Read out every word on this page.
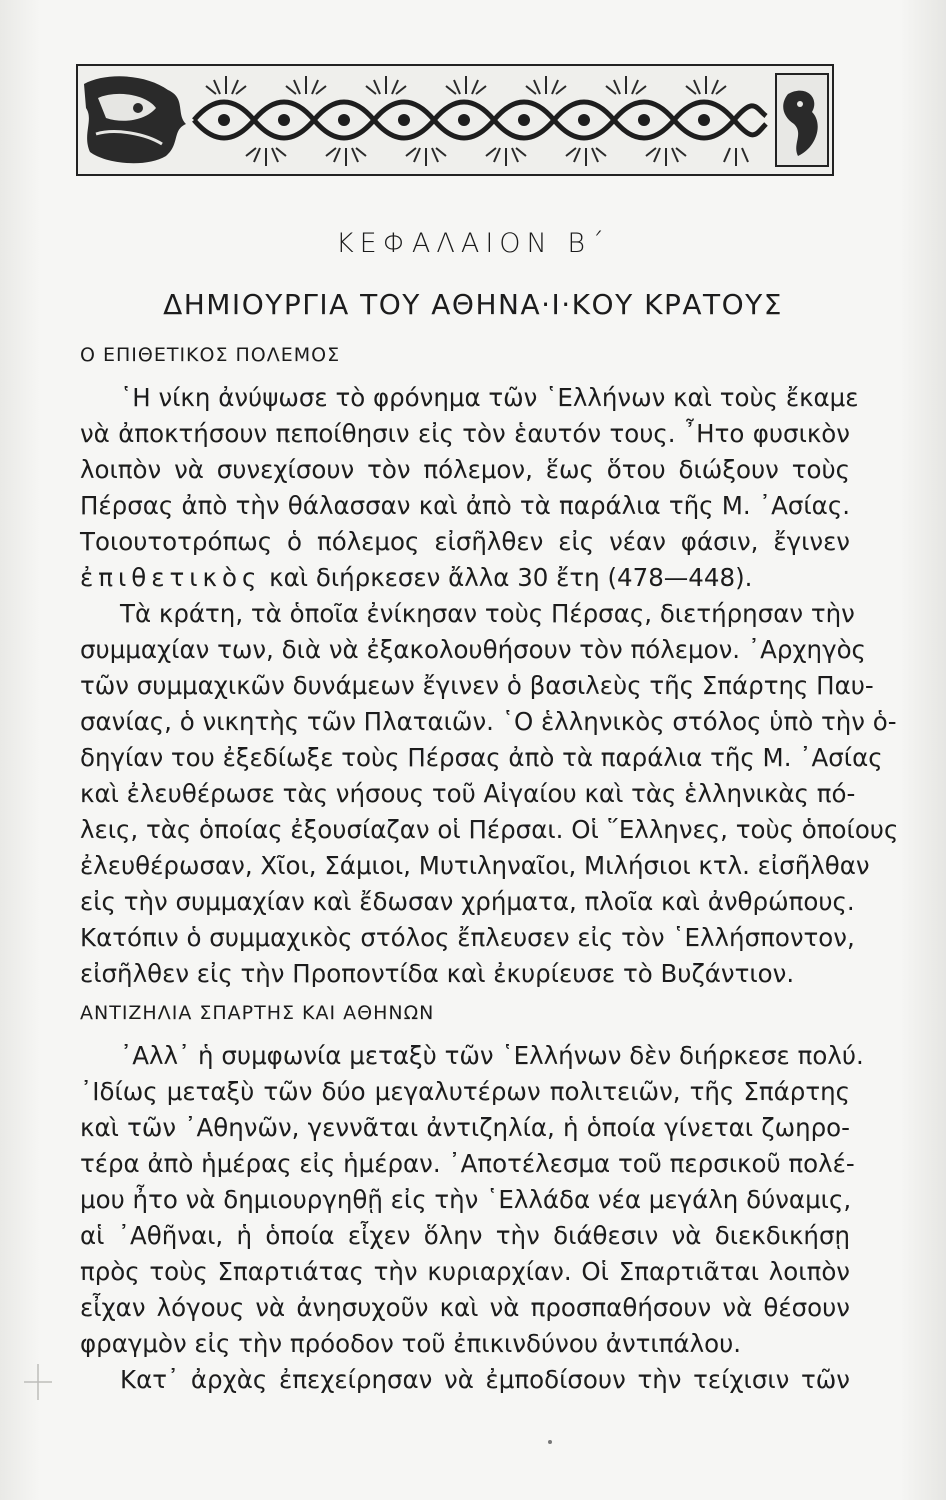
ΚΕΦΑΛΑΙΟΝ Β΄
ΔΗΜΙΟΥΡΓΙΑ ΤΟΥ ΑΘΗΝΑ·Ι·ΚΟΥ ΚΡΑΤΟΥΣ
Ο ΕΠΙΘΕΤΙΚΟΣ ΠΟΛΕΜΟΣ
῾Η νίκη ἀνύψωσε τὸ φρόνημα τῶν ῾Ελλήνων καὶ τοὺς ἔκαμε
νὰ ἀποκτήσουν πεποίθησιν εἰς τὸν ἑαυτόν τους. ῏Ητο φυσικὸν
λοιπὸν νὰ συνεχίσουν τὸν πόλεμον, ἕως ὅτου διώξουν τοὺς
Πέρσας ἀπὸ τὴν θάλασσαν καὶ ἀπὸ τὰ παράλια τῆς Μ. ᾿Ασίας.
Τοιουτοτρόπως ὁ πόλεμος εἰσῆλθεν εἰς νέαν φάσιν, ἔγινεν
ἐπιθετικὸς καὶ διήρκεσεν ἄλλα 30 ἔτη (478—448).
Τὰ κράτη, τὰ ὁποῖα ἐνίκησαν τοὺς Πέρσας, διετήρησαν τὴν
συμμαχίαν των, διὰ νὰ ἐξακολουθήσουν τὸν πόλεμον. ᾿Αρχηγὸς
τῶν συμμαχικῶν δυνάμεων ἔγινεν ὁ βασιλεὺς τῆς Σπάρτης Παυ-
σανίας, ὁ νικητὴς τῶν Πλαταιῶν. ῾Ο ἑλληνικὸς στόλος ὑπὸ τὴν ὁ-
δηγίαν του ἐξεδίωξε τοὺς Πέρσας ἀπὸ τὰ παράλια τῆς Μ. ᾿Ασίας
καὶ ἐλευθέρωσε τὰς νήσους τοῦ Αἰγαίου καὶ τὰς ἑλληνικὰς πό-
λεις, τὰς ὁποίας ἐξουσίαζαν οἱ Πέρσαι. Οἱ ῞Ελληνες, τοὺς ὁποίους
ἐλευθέρωσαν, Χῖοι, Σάμιοι, Μυτιληναῖοι, Μιλήσιοι κτλ. εἰσῆλθαν
εἰς τὴν συμμαχίαν καὶ ἔδωσαν χρήματα, πλοῖα καὶ ἀνθρώπους.
Κατόπιν ὁ συμμαχικὸς στόλος ἔπλευσεν εἰς τὸν ῾Ελλήσποντον,
εἰσῆλθεν εἰς τὴν Προποντίδα καὶ ἐκυρίευσε τὸ Βυζάντιον.
ΑΝΤΙΖΗΛΙΑ ΣΠΑΡΤΗΣ ΚΑΙ ΑΘΗΝΩΝ
᾿Αλλ᾿ ἡ συμφωνία μεταξὺ τῶν ῾Ελλήνων δὲν διήρκεσε πολύ.
᾿Ιδίως μεταξὺ τῶν δύο μεγαλυτέρων πολιτειῶν, τῆς Σπάρτης
καὶ τῶν ᾿Αθηνῶν, γεννᾶται ἀντιζηλία, ἡ ὁποία γίνεται ζωηρο-
τέρα ἀπὸ ἡμέρας εἰς ἡμέραν. ᾿Αποτέλεσμα τοῦ περσικοῦ πολέ-
μου ἦτο νὰ δημιουργηθῇ εἰς τὴν ῾Ελλάδα νέα μεγάλη δύναμις,
αἱ ᾿Αθῆναι, ἡ ὁποία εἶχεν ὅλην τὴν διάθεσιν νὰ διεκδικήσῃ
πρὸς τοὺς Σπαρτιάτας τὴν κυριαρχίαν. Οἱ Σπαρτιᾶται λοιπὸν
εἶχαν λόγους νὰ ἀνησυχοῦν καὶ νὰ προσπαθήσουν νὰ θέσουν
φραγμὸν εἰς τὴν πρόοδον τοῦ ἐπικινδύνου ἀντιπάλου.
Κατ᾿ ἀρχὰς ἐπεχείρησαν νὰ ἐμποδίσουν τὴν τείχισιν τῶν
